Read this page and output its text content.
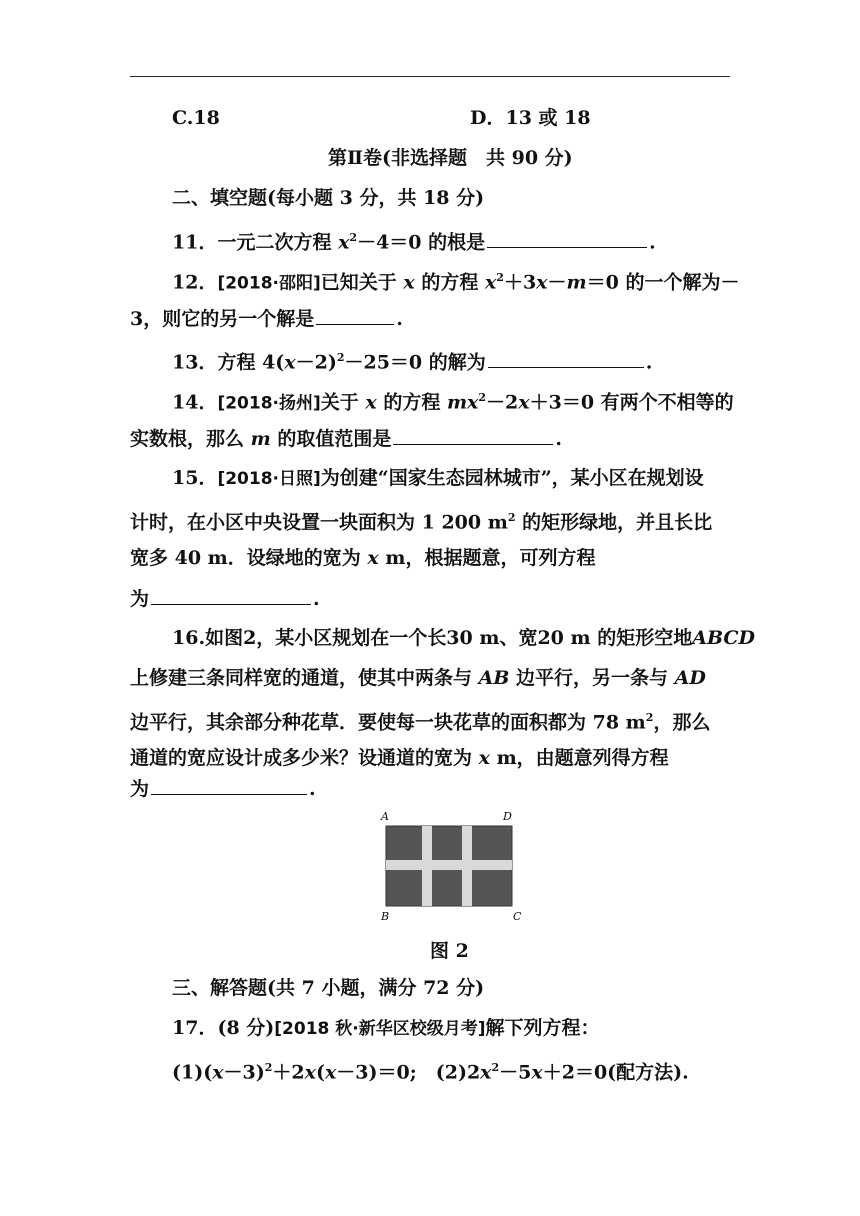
C.18	D．13 或 18
第Ⅱ卷(非选择题　共 90 分)
二、填空题(每小题 3 分，共 18 分)
11．一元二次方程 $x^2-4=0$ 的根是	.
12．[2018·邵阳]已知关于 x 的方程 $x^2+3x-m=0$ 的一个解为－
3，则它的另一个解是	.
13．方程 $4(x-2)^2-25=0$ 的解为	.
14．[2018·扬州]关于 x 的方程 $mx^2-2x+3=0$ 有两个不相等的
实数根，那么 m 的取值范围是	.
15．[2018·日照]为创建“国家生态园林城市”，某小区在规划设
计时，在小区中央设置一块面积为 1 200 $m^2$ 的矩形绿地，并且长比
宽多 40 m．设绿地的宽为 x m，根据题意，可列方程
为	.
16.如图2，某小区规划在一个长30 m、宽20 m 的矩形空地ABCD
上修建三条同样宽的通道，使其中两条与 AB 边平行，另一条与 AD
边平行，其余部分种花草．要使每一块花草的面积都为 78 $m^2$，那么
通道的宽应设计成多少米？设通道的宽为 x m，由题意列得方程
为	.
A	D
B	C
图 2
三、解答题(共 7 小题，满分 72 分)
17．(8 分)[2018 秋·新华区校级月考]解下列方程：
$(1)(x-3)^2+2x(x-3)=0$;　$(2)2x^2-5x+2=0$(配方法).
